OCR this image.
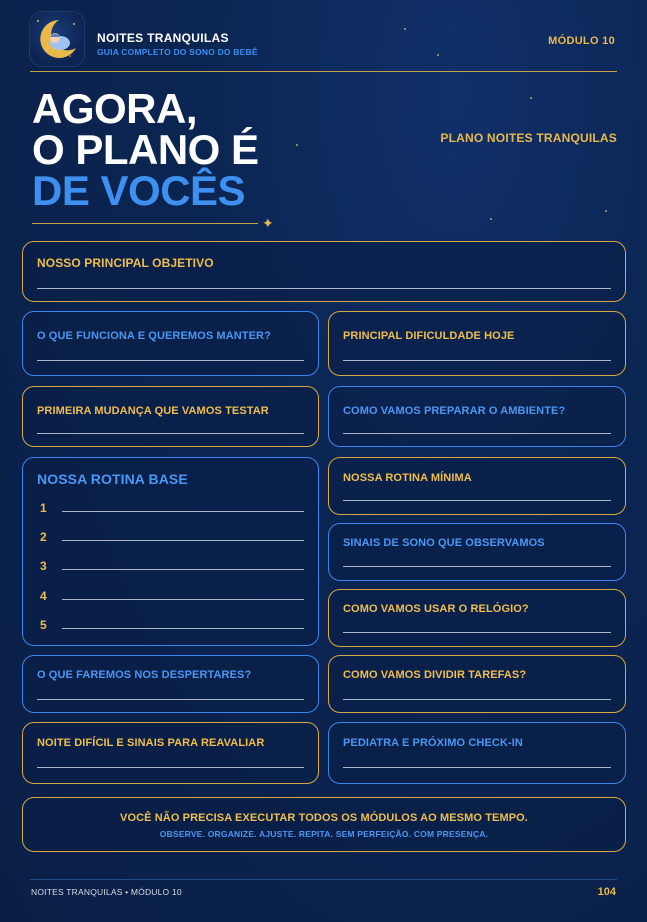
NOITES TRANQUILAS
GUIA COMPLETO DO SONO DO BEBÊ
MÓDULO 10
AGORA,
O PLANO É
DE VOCÊS
✦
PLANO NOITES TRANQUILAS
NOSSO PRINCIPAL OBJETIVO
O QUE FUNCIONA E QUEREMOS MANTER?	PRINCIPAL DIFICULDADE HOJE
PRIMEIRA MUDANÇA QUE VAMOS TESTAR	COMO VAMOS PREPARAR O AMBIENTE?
NOSSA ROTINA BASE
1
2
3
4
5
NOSSA ROTINA MÍNIMA
SINAIS DE SONO QUE OBSERVAMOS
COMO VAMOS USAR O RELÓGIO?
O QUE FAREMOS NOS DESPERTARES?	COMO VAMOS DIVIDIR TAREFAS?
NOITE DIFÍCIL E SINAIS PARA REAVALIAR	PEDIATRA E PRÓXIMO CHECK-IN
VOCÊ NÃO PRECISA EXECUTAR TODOS OS MÓDULOS AO MESMO TEMPO.
OBSERVE. ORGANIZE. AJUSTE. REPITA. SEM PERFEIÇÃO. COM PRESENÇA.
NOITES TRANQUILAS • MÓDULO 10	104
